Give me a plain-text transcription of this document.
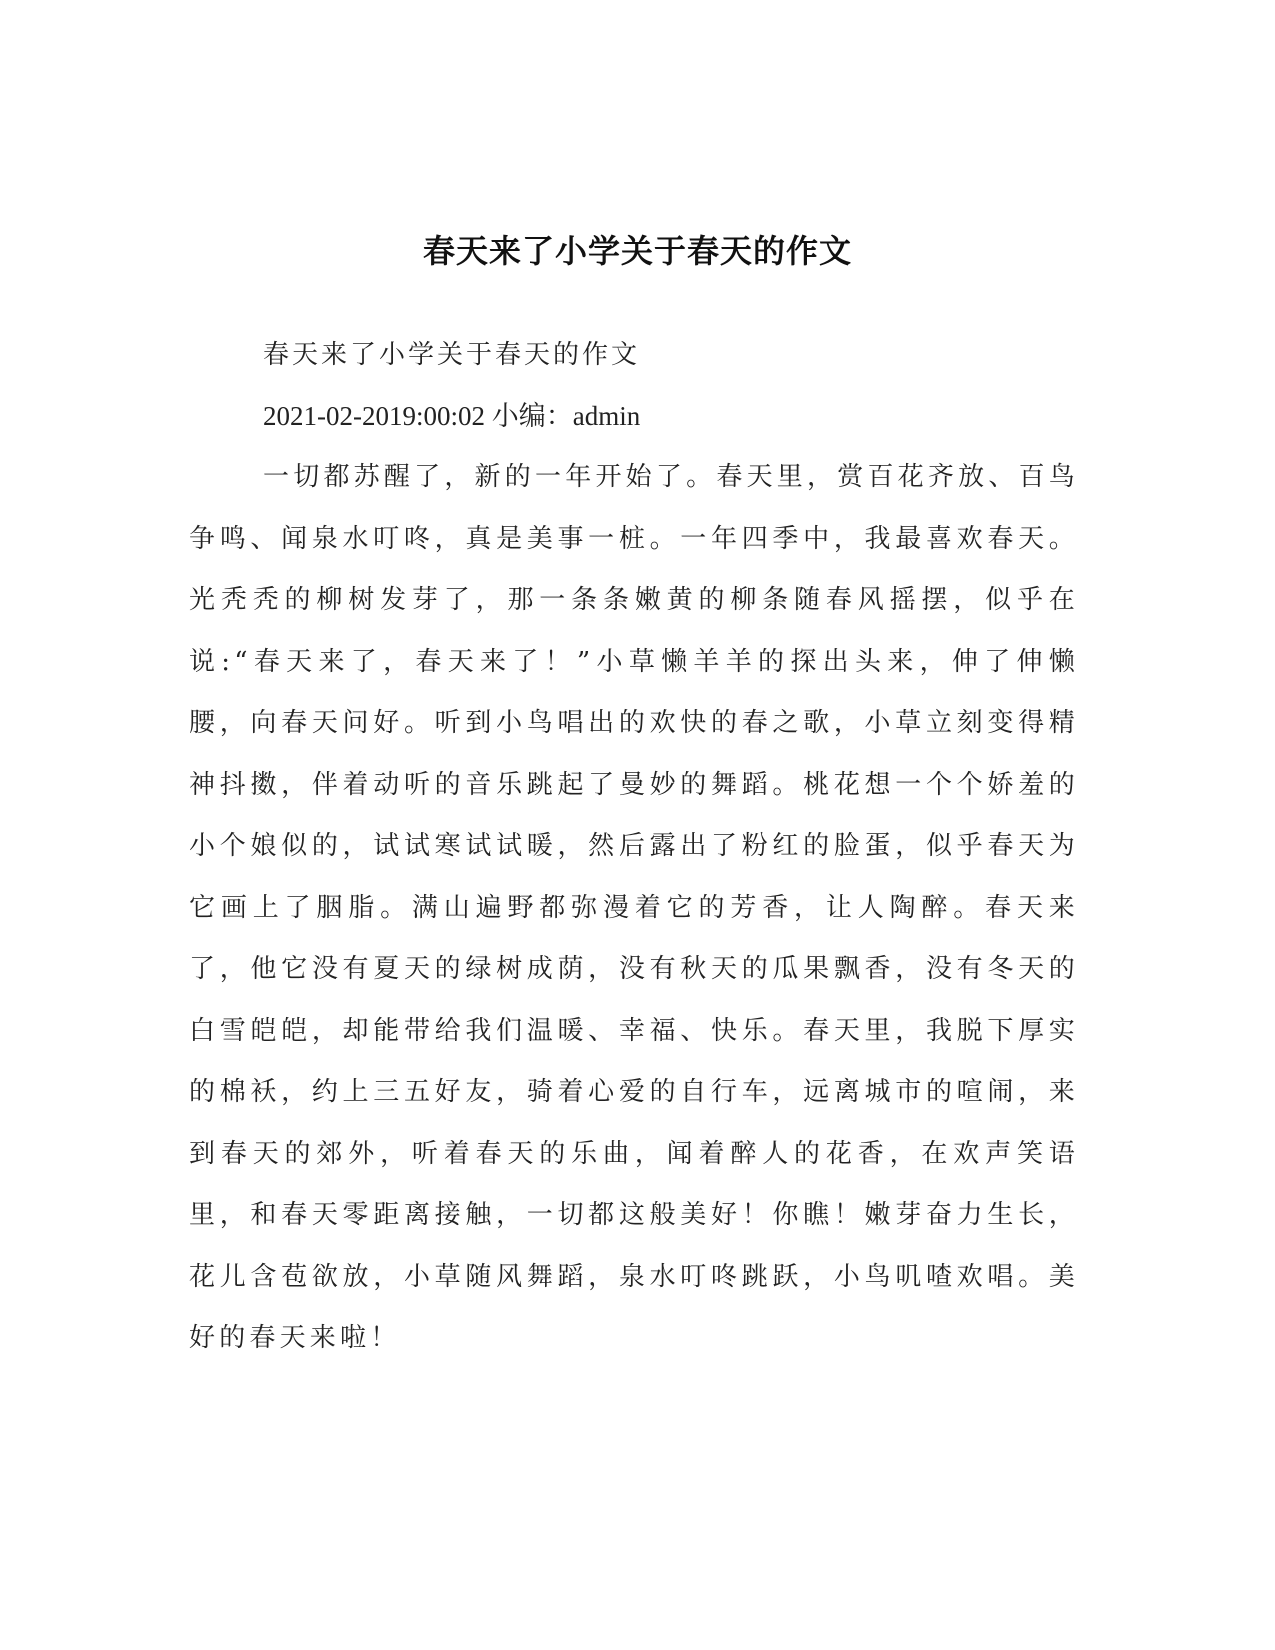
春天来了小学关于春天的作文

春天来了小学关于春天的作文

2021-02-2019:00:02 小编：admin

一切都苏醒了，新的一年开始了。春天里，赏百花齐放、百鸟争鸣、闻泉水叮咚，真是美事一桩。一年四季中，我最喜欢春天。光秃秃的柳树发芽了，那一条条嫩黄的柳条随春风摇摆，似乎在说:“春天来了，春天来了！”小草懒羊羊的探出头来，伸了伸懒腰，向春天问好。听到小鸟唱出的欢快的春之歌，小草立刻变得精神抖擞，伴着动听的音乐跳起了曼妙的舞蹈。桃花想一个个娇羞的小个娘似的，试试寒试试暖，然后露出了粉红的脸蛋，似乎春天为它画上了胭脂。满山遍野都弥漫着它的芳香，让人陶醉。春天来了，他它没有夏天的绿树成荫，没有秋天的瓜果飘香，没有冬天的白雪皑皑，却能带给我们温暖、幸福、快乐。春天里，我脱下厚实的棉袄，约上三五好友，骑着心爱的自行车，远离城市的喧闹，来到春天的郊外，听着春天的乐曲，闻着醉人的花香，在欢声笑语里，和春天零距离接触，一切都这般美好！你瞧！嫩芽奋力生长，花儿含苞欲放，小草随风舞蹈，泉水叮咚跳跃，小鸟叽喳欢唱。美好的春天来啦！
